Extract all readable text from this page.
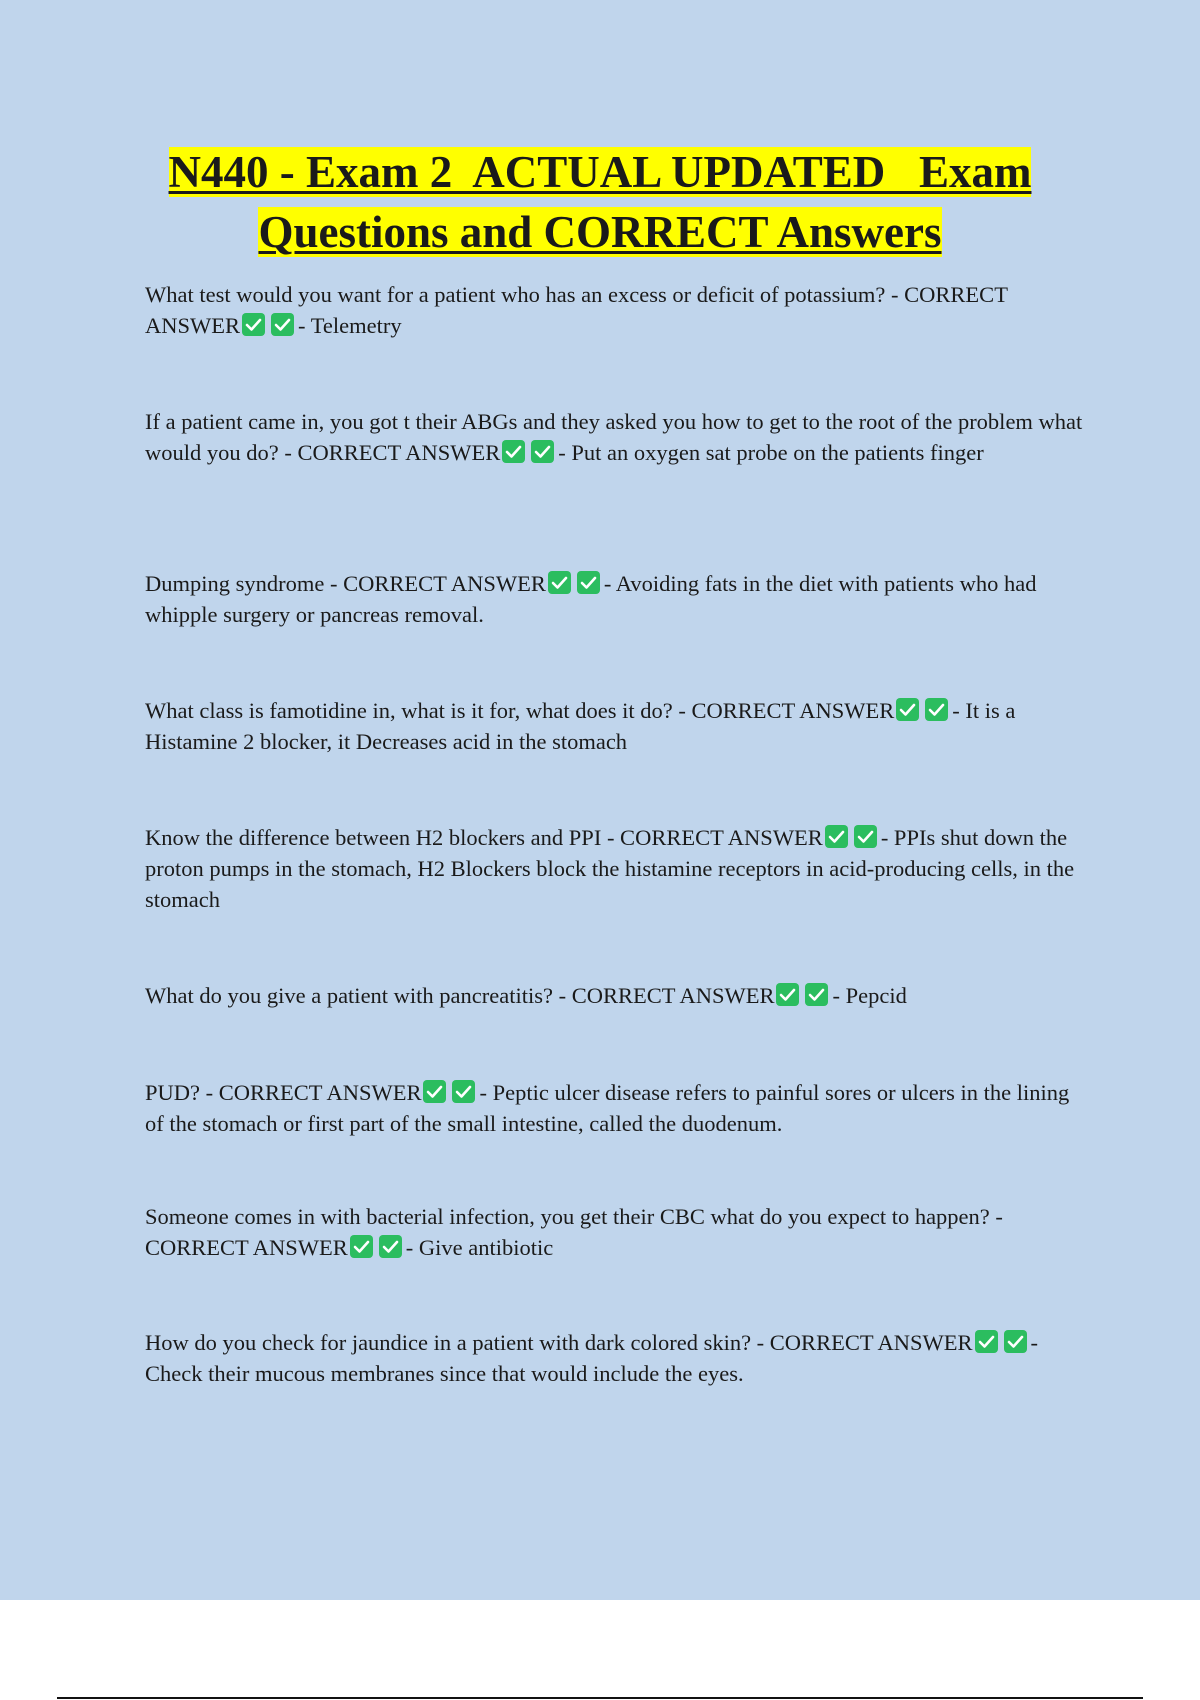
N440 - Exam 2  ACTUAL UPDATED   Exam
Questions and CORRECT Answers

What test would you want for a patient who has an excess or deficit of potassium? - CORRECT ANSWER	- Telemetry

If a patient came in, you got t their ABGs and they asked you how to get to the root of the problem what would you do? - CORRECT ANSWER	- Put an oxygen sat probe on the patients finger

Dumping syndrome - CORRECT ANSWER	- Avoiding fats in the diet with patients who had whipple surgery or pancreas removal.

What class is famotidine in, what is it for, what does it do? - CORRECT ANSWER	- It is a Histamine 2 blocker, it Decreases acid in the stomach

Know the difference between H2 blockers and PPI - CORRECT ANSWER	- PPIs shut down the proton pumps in the stomach, H2 Blockers block the histamine receptors in acid-producing cells, in the stomach

What do you give a patient with pancreatitis? - CORRECT ANSWER	- Pepcid

PUD? - CORRECT ANSWER	- Peptic ulcer disease refers to painful sores or ulcers in the lining of the stomach or first part of the small intestine, called the duodenum.

Someone comes in with bacterial infection, you get their CBC what do you expect to happen? - CORRECT ANSWER	- Give antibiotic

How do you check for jaundice in a patient with dark colored skin? - CORRECT ANSWER	- Check their mucous membranes since that would include the eyes.
